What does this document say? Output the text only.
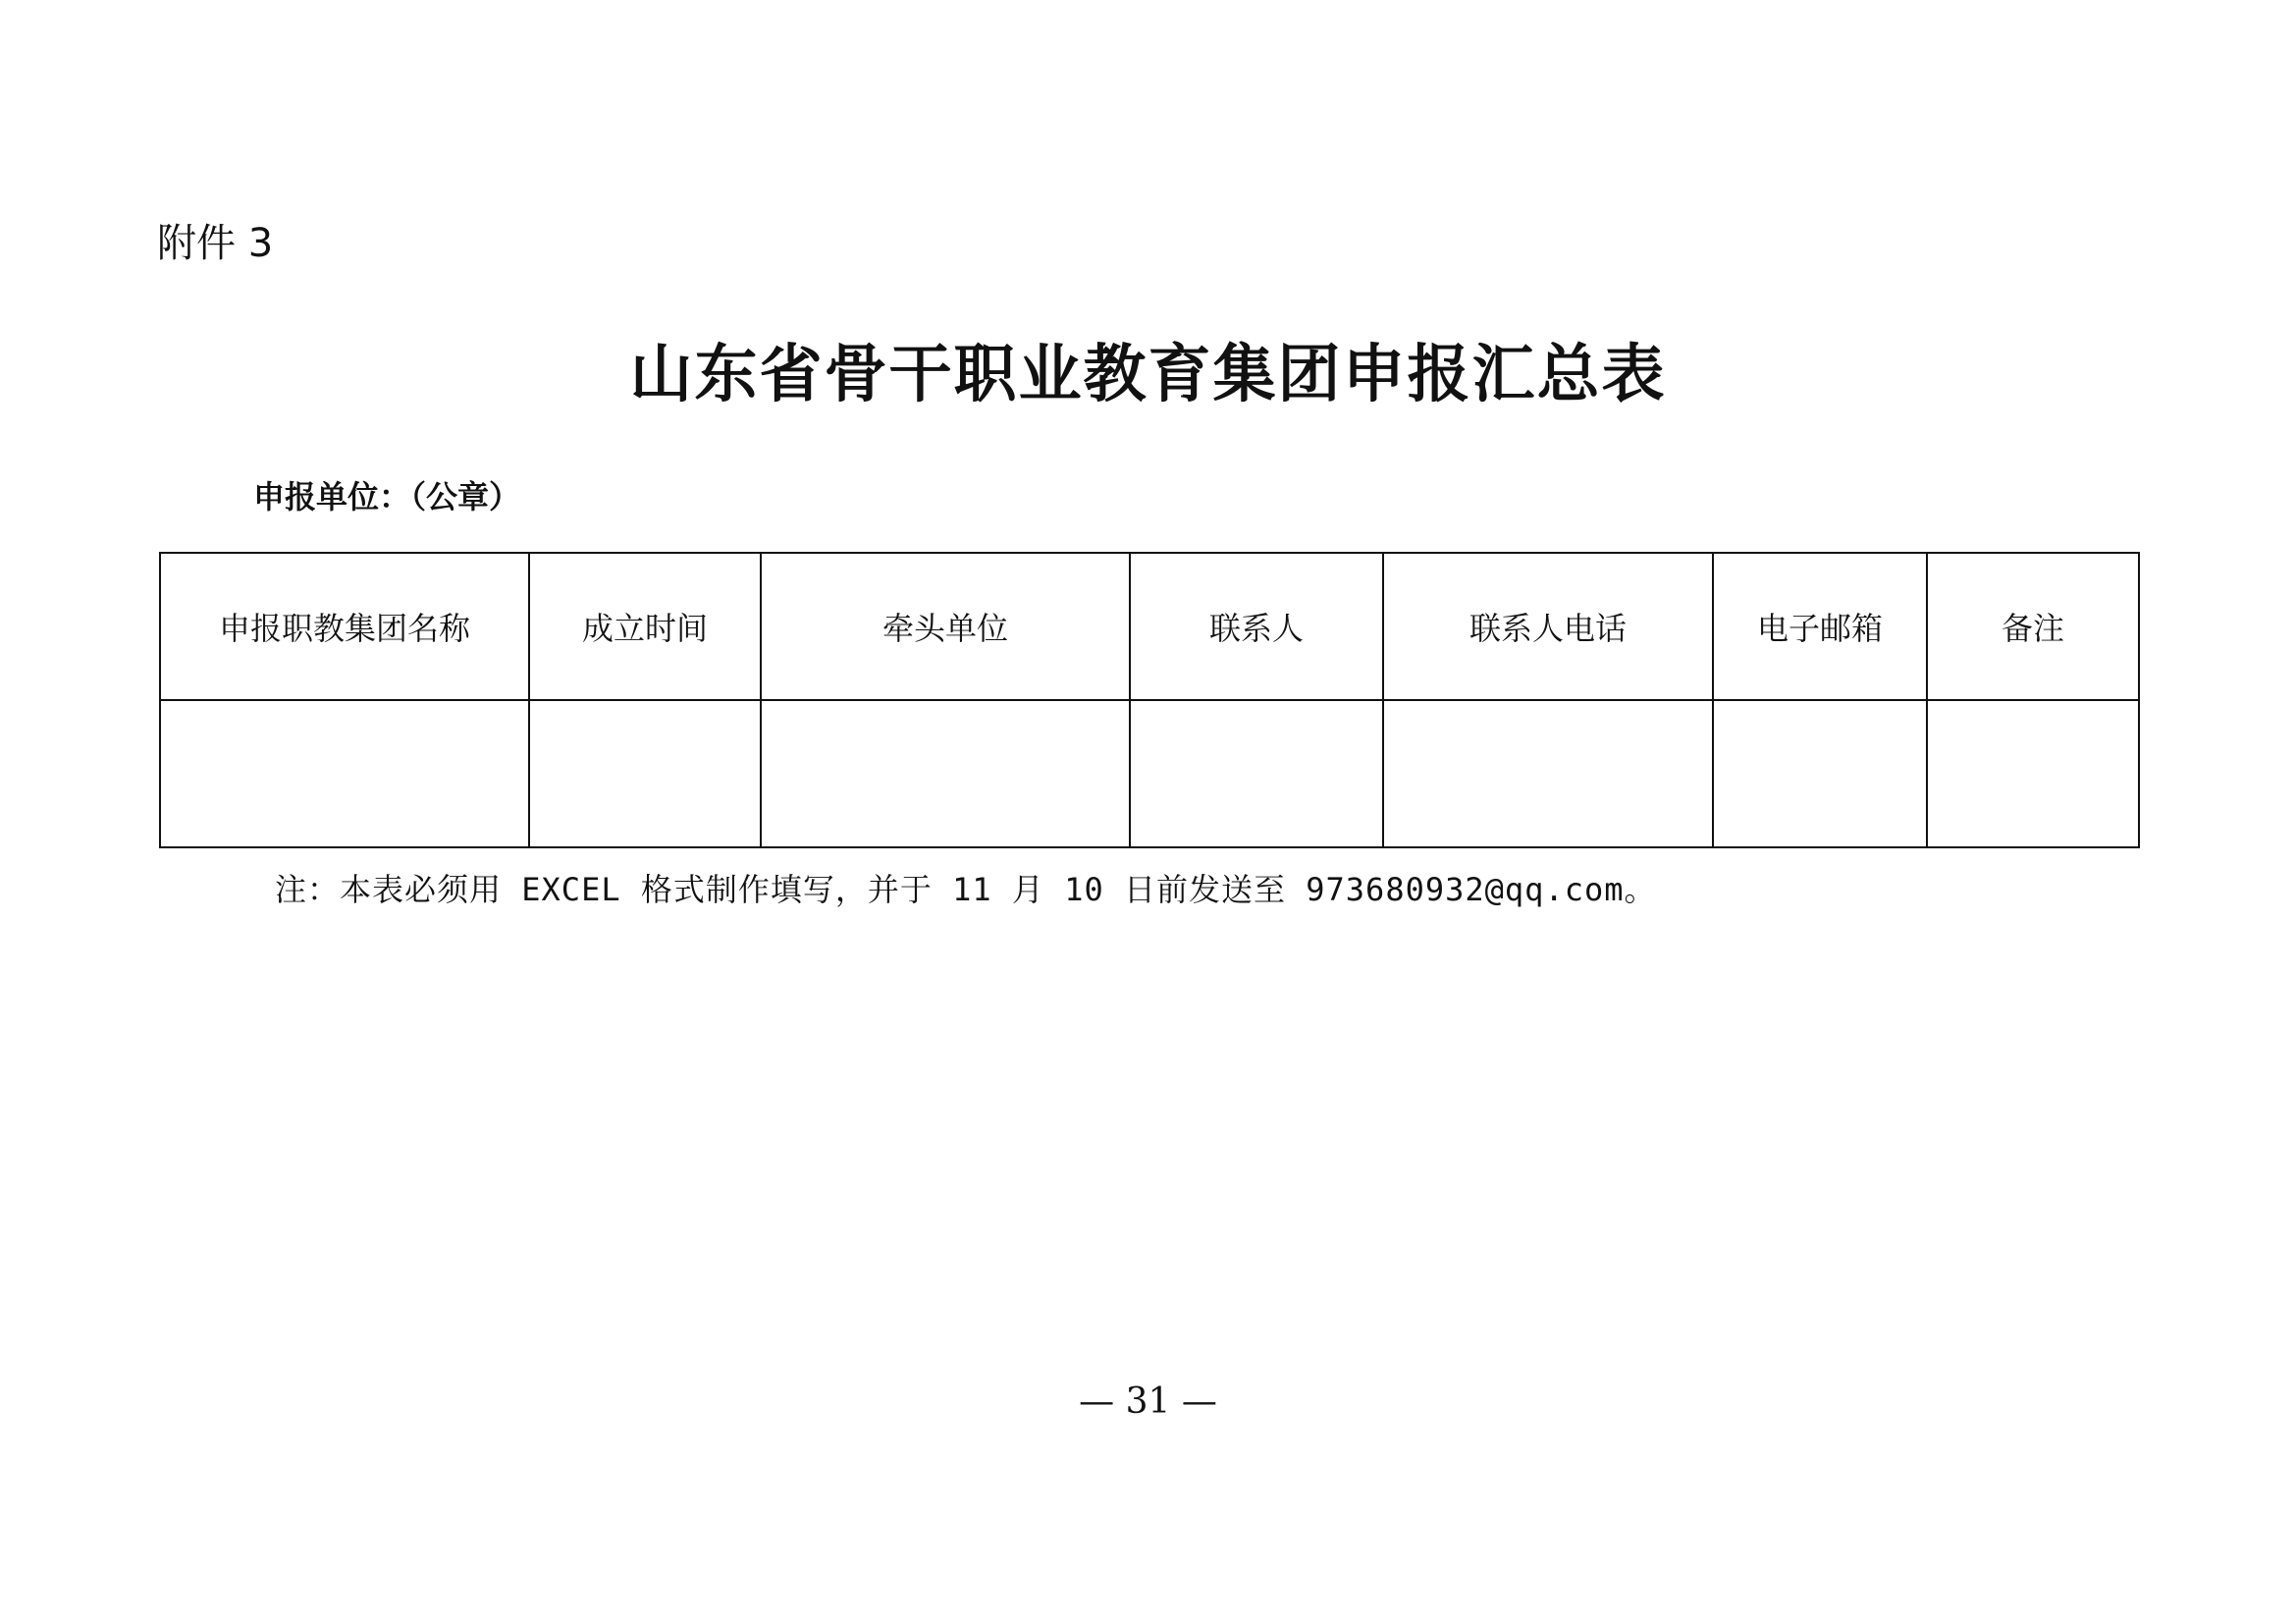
附件 3
山东省骨干职业教育集团申报汇总表
申报单位：（公章）
申报职教集团名称	成立时间	牵头单位	联系人	联系人电话	电子邮箱	备注

注：本表必须用 EXCEL 格式制作填写，并于 11 月 10 日前发送至 973680932@qq.com。
— 31 —
